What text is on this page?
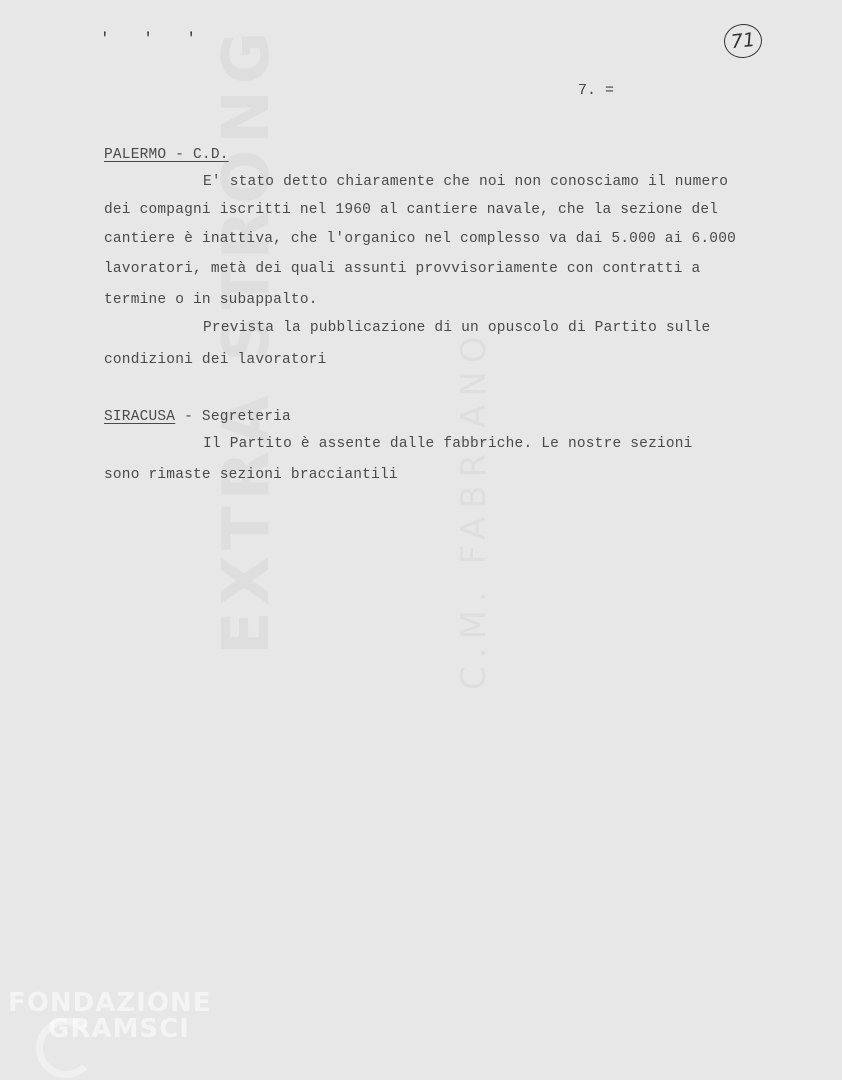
' ' '	71
7. =
PALERMO - C.D.
E' stato detto chiaramente che noi non conosciamo il numero
dei compagni iscritti nel 1960 al cantiere navale, che la sezione del
cantiere è inattiva, che l'organico nel complesso va dai 5.000 ai 6.000
lavoratori, metà dei quali assunti provvisoriamente con contratti a
termine o in subappalto.
Prevista la pubblicazione di un opuscolo di Partito sulle
condizioni dei lavoratori
SIRACUSA - Segreteria
Il Partito è assente dalle fabbriche. Le nostre sezioni
sono rimaste sezioni bracciantili
FONDAZIONE
GRAMSCI
